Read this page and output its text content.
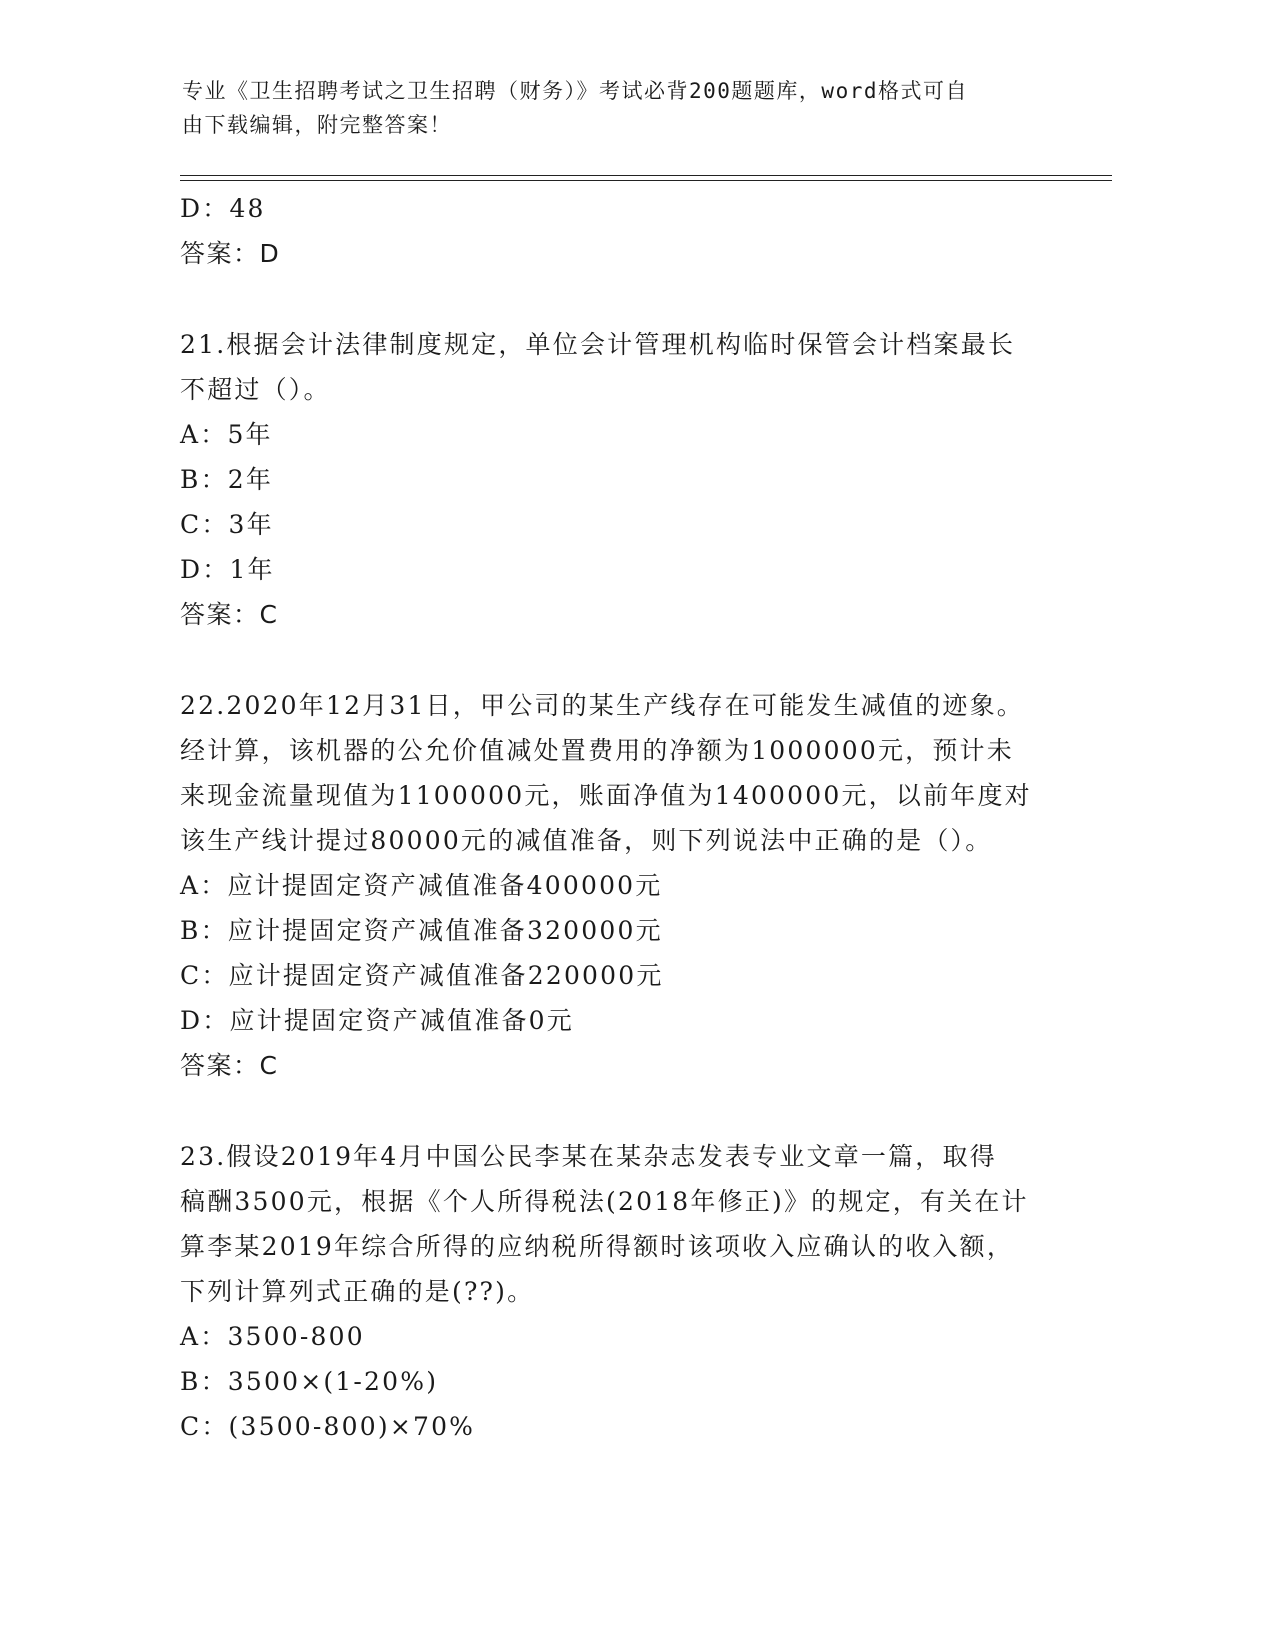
专业《卫生招聘考试之卫生招聘（财务）》考试必背200题题库，word格式可自
由下载编辑，附完整答案！
D：48
答案：D
21.根据会计法律制度规定，单位会计管理机构临时保管会计档案最长
不超过（）。
A：5年
B：2年
C：3年
D：1年
答案：C
22.2020年12月31日，甲公司的某生产线存在可能发生减值的迹象。
经计算，该机器的公允价值减处置费用的净额为1000000元，预计未
来现金流量现值为1100000元，账面净值为1400000元，以前年度对
该生产线计提过80000元的减值准备，则下列说法中正确的是（）。
A：应计提固定资产减值准备400000元
B：应计提固定资产减值准备320000元
C：应计提固定资产减值准备220000元
D：应计提固定资产减值准备0元
答案：C
23.假设2019年4月中国公民李某在某杂志发表专业文章一篇，取得
稿酬3500元，根据《个人所得税法(2018年修正)》的规定，有关在计
算李某2019年综合所得的应纳税所得额时该项收入应确认的收入额，
下列计算列式正确的是(??)。
A：3500-800
B：3500×(1-20%)
C：(3500-800)×70%
